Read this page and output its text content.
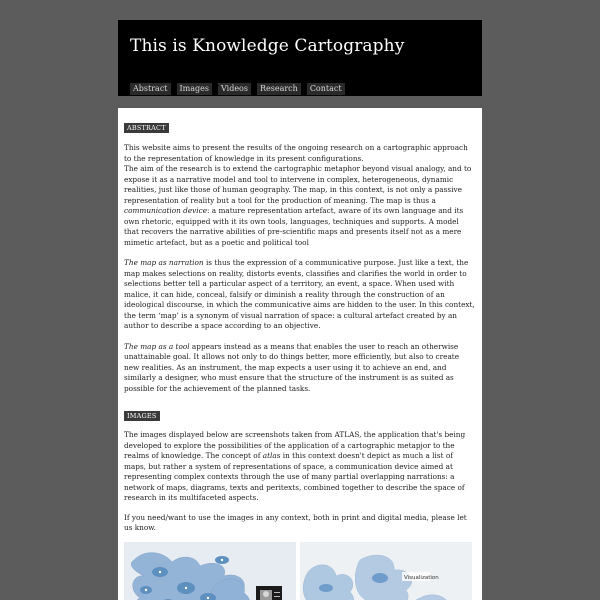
This is Knowledge Cartography
Abstract	Images	Videos	Research	Contact
ABSTRACT

This website aims to present the results of the ongoing research on a cartographic approach to the representation of knowledge in its present configurations.
The aim of the research is to extend the cartographic metaphor beyond visual analogy, and to expose it as a narrative model and tool to intervene in complex, heterogeneous, dynamic realities, just like those of human geography. The map, in this context, is not only a passive representation of reality but a tool for the production of meaning. The map is thus a communication device: a mature representation artefact, aware of its own language and its own rhetoric, equipped with it its own tools, languages, techniques and supports. A model that recovers the narrative abilities of pre-scientific maps and presents itself not as a mere mimetic artefact, but as a poetic and political tool

The map as narration is thus the expression of a communicative purpose. Just like a text, the map makes selections on reality, distorts events, classifies and clarifies the world in order to selections better tell a particular aspect of a territory, an event, a space. When used with malice, it can hide, conceal, falsify or diminish a reality through the construction of an ideological discourse, in which the communicative aims are hidden to the user. In this context, the term ‘map’ is a synonym of visual narration of space: a cultural artefact created by an author to describe a space according to an objective.

The map as a tool appears instead as a means that enables the user to reach an otherwise unattainable goal. It allows not only to do things better, more efficiently, but also to create new realities. As an instrument, the map expects a user using it to achieve an end, and similarly a designer, who must ensure that the structure of the instrument is as suited as possible for the achievement of the planned tasks.

IMAGES

The images displayed below are screenshots taken from ATLAS, the application that's being developed to explore the possibilities of the application of a cartographic metapjor to the realms of knowledge. The concept of atlas in this context doesn't depict as much a list of maps, but rather a system of representations of space, a communication device aimed at representing complex contexts through the use of many partial overlapping narrations: a network of maps, diagrams, texts and peritexts, combined together to describe the space of research in its multifaceted aspects.

If you need/want to use the images in any context, both in print and digital media, please let us know.

Visualization
